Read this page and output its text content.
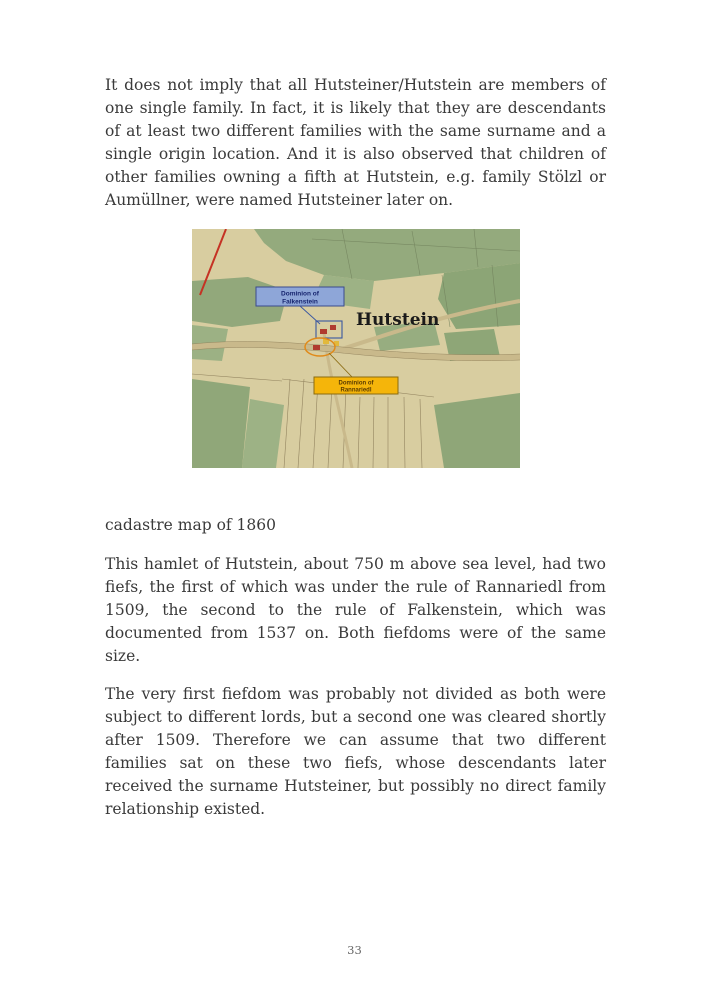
It does not imply that all Hutsteiner/Hutstein are members of one single family. In fact, it is likely that they are descendants of at least two different families with the same surname and a single origin location. And it is also observed that children of other families owning a fifth at Hutstein, e.g. family Stölzl or Aumüllner, were named Hutsteiner later on.

Dominion of
Falkenstein
Hutstein
Dominion of
Rannariedl

cadastre map of 1860

This hamlet of Hutstein, about 750 m above sea level, had two fiefs, the first of which was under the rule of Rannariedl from 1509, the second to the rule of Falkenstein, which was documented from 1537 on. Both fiefdoms were of the same size.

The very first fiefdom was probably not divided as both were subject to different lords, but a second one was cleared shortly after 1509. Therefore we can assume that two different families sat on these two fiefs, whose descendants later received the surname Hutsteiner, but possibly no direct family relationship existed.

33
